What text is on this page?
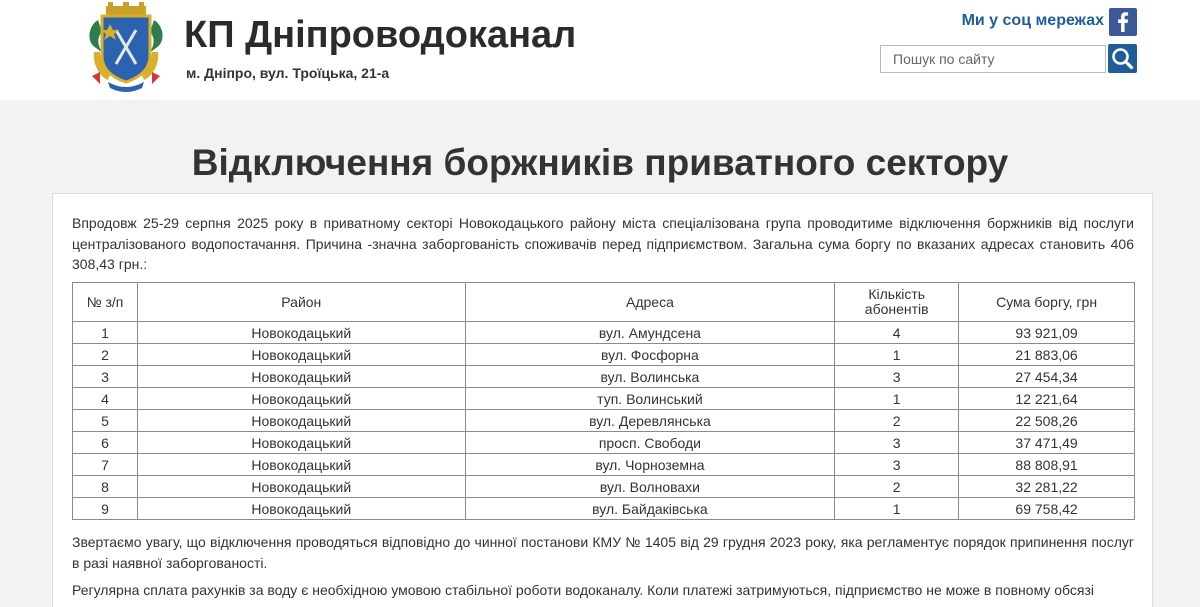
КП Дніпроводоканал
м. Дніпро, вул. Троїцька, 21-а
Ми у соц мережах
Пошук по сайту
Відключення боржників приватного сектору

Впродовж 25-29 серпня 2025 року в приватному секторі Новокодацького району міста спеціалізована група проводитиме відключення боржників від послуги централізованого водопостачання. Причина -значна заборгованість споживачів перед підприємством. Загальна сума боргу по вказаних адресах становить 406 308,43 грн.:

№ з/п	Район	Адреса	Кількість абонентів	Сума боргу, грн
1	Новокодацький	вул. Амундсена	4	93 921,09
2	Новокодацький	вул. Фосфорна	1	21 883,06
3	Новокодацький	вул. Волинська	3	27 454,34
4	Новокодацький	туп. Волинський	1	12 221,64
5	Новокодацький	вул. Деревлянська	2	22 508,26
6	Новокодацький	просп. Свободи	3	37 471,49
7	Новокодацький	вул. Чорноземна	3	88 808,91
8	Новокодацький	вул. Волновахи	2	32 281,22
9	Новокодацький	вул. Байдаківська	1	69 758,42

Звертаємо увагу, що відключення проводяться відповідно до чинної постанови КМУ № 1405 від 29 грудня 2023 року, яка регламентує порядок припинення послуг в разі наявної заборгованості.

Регулярна сплата рахунків за воду є необхідною умовою стабільної роботи водоканалу. Коли платежі затримуються, підприємство не може в повному обсязі
